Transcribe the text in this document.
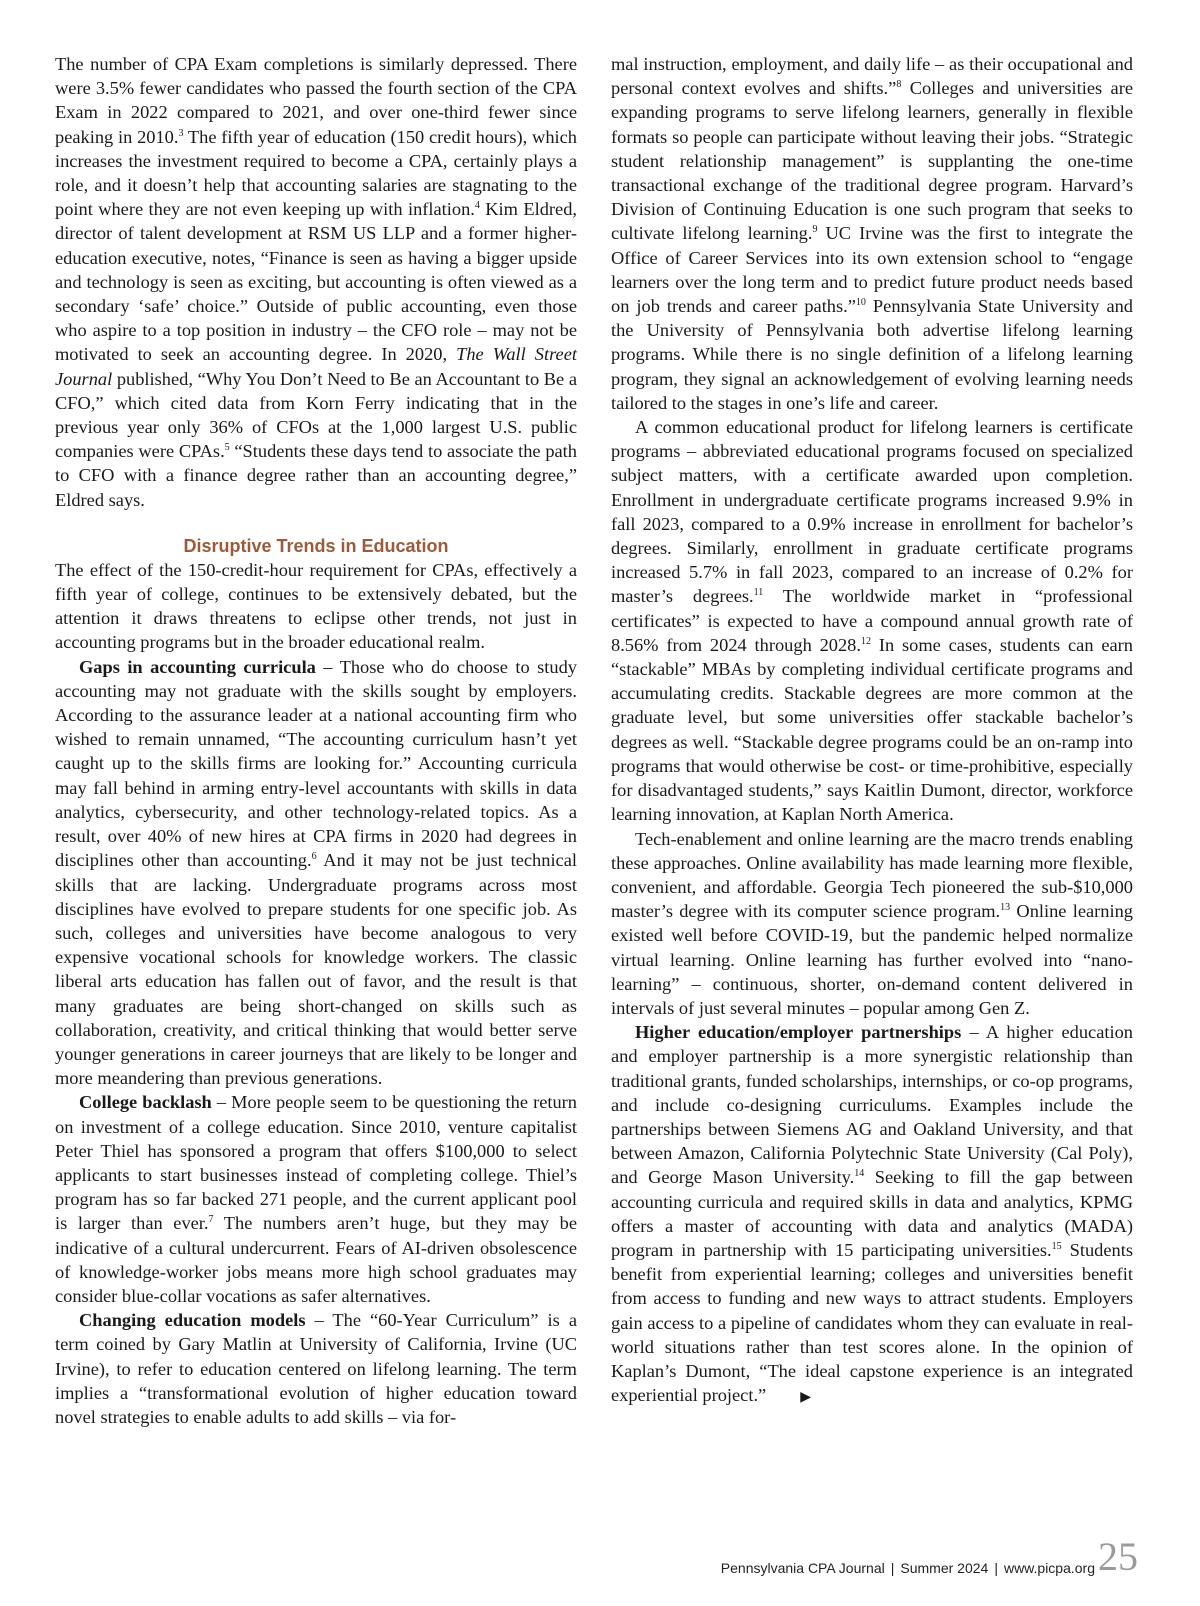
The number of CPA Exam completions is similarly depressed. There were 3.5% fewer candidates who passed the fourth section of the CPA Exam in 2022 compared to 2021, and over one-third fewer since peaking in 2010.$^3$ The fifth year of education (150 credit hours), which increases the investment required to become a CPA, certainly plays a role, and it doesn’t help that accounting salaries are stagnating to the point where they are not even keeping up with inflation.$^4$ Kim Eldred, director of talent development at RSM US LLP and a former higher-education executive, notes, “Finance is seen as having a bigger upside and technology is seen as exciting, but accounting is often viewed as a secondary ‘safe’ choice.” Outside of public accounting, even those who aspire to a top position in industry – the CFO role – may not be motivated to seek an accounting degree. In 2020, The Wall Street Journal published, “Why You Don’t Need to Be an Accountant to Be a CFO,” which cited data from Korn Ferry indicating that in the previous year only 36% of CFOs at the 1,000 largest U.S. public companies were CPAs.$^5$ “Students these days tend to associate the path to CFO with a finance degree rather than an accounting degree,” Eldred says.

Disruptive Trends in Education

The effect of the 150-credit-hour requirement for CPAs, effectively a fifth year of college, continues to be extensively debated, but the attention it draws threatens to eclipse other trends, not just in accounting programs but in the broader educational realm.

Gaps in accounting curricula – Those who do choose to study accounting may not graduate with the skills sought by employers. According to the assurance leader at a national accounting firm who wished to remain unnamed, “The accounting curriculum hasn’t yet caught up to the skills firms are looking for.” Accounting curricula may fall behind in arming entry-level accountants with skills in data analytics, cybersecurity, and other technology-related topics. As a result, over 40% of new hires at CPA firms in 2020 had degrees in disciplines other than accounting.$^6$ And it may not be just technical skills that are lacking. Undergraduate programs across most disciplines have evolved to prepare students for one specific job. As such, colleges and universities have become analogous to very expensive vocational schools for knowledge workers. The classic liberal arts education has fallen out of favor, and the result is that many graduates are being short-changed on skills such as collaboration, creativity, and critical thinking that would better serve younger generations in career journeys that are likely to be longer and more meandering than previous generations.

College backlash – More people seem to be questioning the return on investment of a college education. Since 2010, venture capitalist Peter Thiel has sponsored a program that offers $100,000 to select applicants to start businesses instead of completing college. Thiel’s program has so far backed 271 people, and the current applicant pool is larger than ever.$^7$ The numbers aren’t huge, but they may be indicative of a cultural undercurrent. Fears of AI-driven obsolescence of knowledge-worker jobs means more high school graduates may consider blue-collar vocations as safer alternatives.

Changing education models – The “60-Year Curriculum” is a term coined by Gary Matlin at University of California, Irvine (UC Irvine), to refer to education centered on lifelong learning. The term implies a “transformational evolution of higher education toward novel strategies to enable adults to add skills – via for-

mal instruction, employment, and daily life – as their occupational and personal context evolves and shifts.”$^8$ Colleges and universities are expanding programs to serve lifelong learners, generally in flexible formats so people can participate without leaving their jobs. “Strategic student relationship management” is supplanting the one-time transactional exchange of the traditional degree program. Harvard’s Division of Continuing Education is one such program that seeks to cultivate lifelong learning.$^9$ UC Irvine was the first to integrate the Office of Career Services into its own extension school to “engage learners over the long term and to predict future product needs based on job trends and career paths.”$^{10}$ Pennsylvania State University and the University of Pennsylvania both advertise lifelong learning programs. While there is no single definition of a lifelong learning program, they signal an acknowledgement of evolving learning needs tailored to the stages in one’s life and career.

A common educational product for lifelong learners is certificate programs – abbreviated educational programs focused on specialized subject matters, with a certificate awarded upon completion. Enrollment in undergraduate certificate programs increased 9.9% in fall 2023, compared to a 0.9% increase in enrollment for bachelor’s degrees. Similarly, enrollment in graduate certificate programs increased 5.7% in fall 2023, compared to an increase of 0.2% for master’s degrees.$^{11}$ The worldwide market in “professional certificates” is expected to have a compound annual growth rate of 8.56% from 2024 through 2028.12 In some cases, students can earn “stackable” MBAs by completing individual certificate programs and accumulating credits. Stackable degrees are more common at the graduate level, but some universities offer stackable bachelor’s degrees as well. “Stackable degree programs could be an on-ramp into programs that would otherwise be cost- or time-prohibitive, especially for disadvantaged students,” says Kaitlin Dumont, director, workforce learning innovation, at Kaplan North America.

Tech-enablement and online learning are the macro trends enabling these approaches. Online availability has made learning more flexible, convenient, and affordable. Georgia Tech pioneered the sub-$10,000 master’s degree with its computer science program.$^{13}$ Online learning existed well before COVID-19, but the pandemic helped normalize virtual learning. Online learning has further evolved into “nano-learning” – continuous, shorter, on-demand content delivered in intervals of just several minutes – popular among Gen Z.

Higher education/employer partnerships – A higher education and employer partnership is a more synergistic relationship than traditional grants, funded scholarships, internships, or co-op programs, and include co-designing curriculums. Examples include the partnerships between Siemens AG and Oakland University, and that between Amazon, California Polytechnic State University (Cal Poly), and George Mason University.$^{14}$ Seeking to fill the gap between accounting curricula and required skills in data and analytics, KPMG offers a master of accounting with data and analytics (MADA) program in partnership with 15 participating universities.$^{15}$ Students benefit from experiential learning; colleges and universities benefit from access to funding and new ways to attract students. Employers gain access to a pipeline of candidates whom they can evaluate in real-world situations rather than test scores alone. In the opinion of Kaplan’s Dumont, “The ideal capstone experience is an integrated experiential project.” ▶

Pennsylvania CPA Journal | Summer 2024 | www.picpa.org 25
